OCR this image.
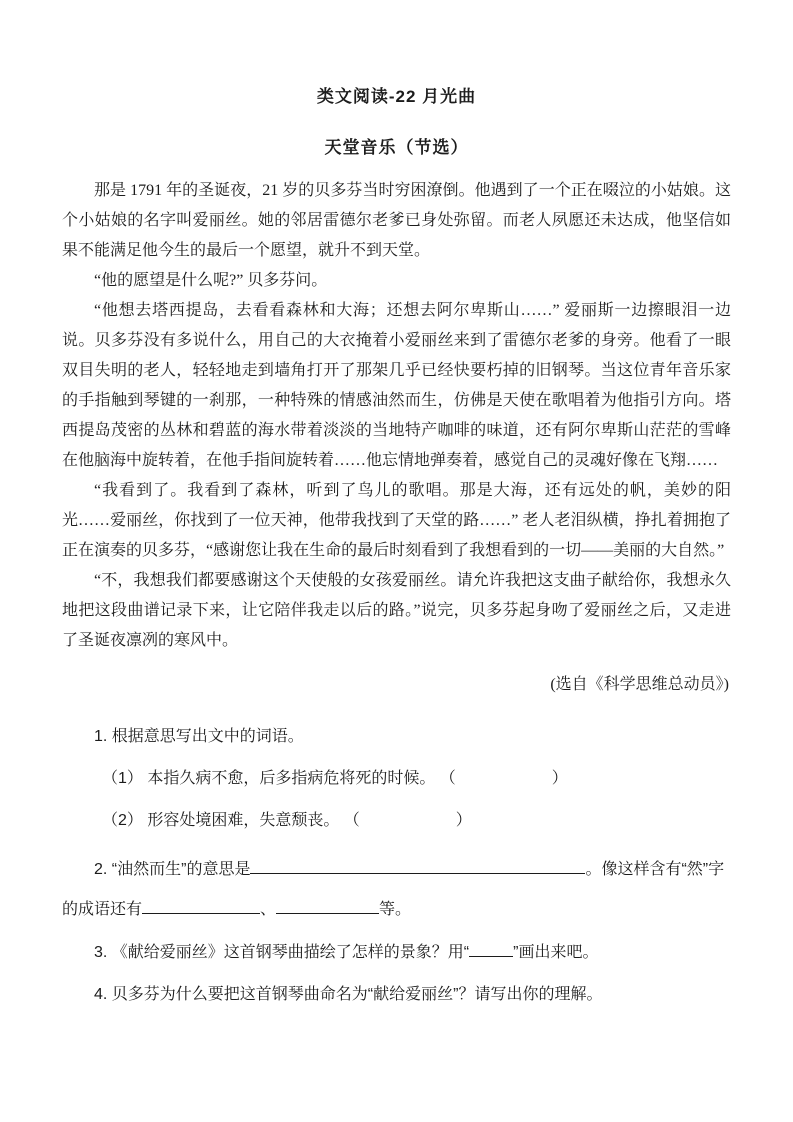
类文阅读-22 月光曲
天堂音乐（节选）

那是 1791 年的圣诞夜，21 岁的贝多芬当时穷困潦倒。他遇到了一个正在啜泣的小姑娘。这个小姑娘的名字叫爱丽丝。她的邻居雷德尔老爹已身处弥留。而老人夙愿还未达成，他坚信如果不能满足他今生的最后一个愿望，就升不到天堂。

“他的愿望是什么呢?” 贝多芬问。

“他想去塔西提岛，去看看森林和大海；还想去阿尔卑斯山……” 爱丽斯一边擦眼泪一边说。贝多芬没有多说什么，用自己的大衣掩着小爱丽丝来到了雷德尔老爹的身旁。他看了一眼双目失明的老人，轻轻地走到墙角打开了那架几乎已经快要朽掉的旧钢琴。当这位青年音乐家的手指触到琴键的一刹那，一种特殊的情感油然而生，仿佛是天使在歌唱着为他指引方向。塔西提岛茂密的丛林和碧蓝的海水带着淡淡的当地特产咖啡的味道，还有阿尔卑斯山茫茫的雪峰在他脑海中旋转着，在他手指间旋转着……他忘情地弹奏着，感觉自己的灵魂好像在飞翔……

“我看到了。我看到了森林，听到了鸟儿的歌唱。那是大海，还有远处的帆，美妙的阳光……爱丽丝，你找到了一位天神，他带我找到了天堂的路……” 老人老泪纵横，挣扎着拥抱了正在演奏的贝多芬，“感谢您让我在生命的最后时刻看到了我想看到的一切——美丽的大自然。”

“不，我想我们都要感谢这个天使般的女孩爱丽丝。请允许我把这支曲子献给你，我想永久地把这段曲谱记录下来，让它陪伴我走以后的路。”说完，贝多芬起身吻了爱丽丝之后，又走进了圣诞夜凛冽的寒风中。

(选自《科学思维总动员》)
1. 根据意思写出文中的词语。
（1） 本指久病不愈，后多指病危将死的时候。 （　　　　　　）
（2） 形容处境困难，失意颓丧。 （　　　　　　）
2. “油然而生”的意思是	。像这样含有“然”字的成语还有	、	等。
3. 《献给爱丽丝》这首钢琴曲描绘了怎样的景象？用“	”画出来吧。
4. 贝多芬为什么要把这首钢琴曲命名为“献给爱丽丝”？请写出你的理解。
